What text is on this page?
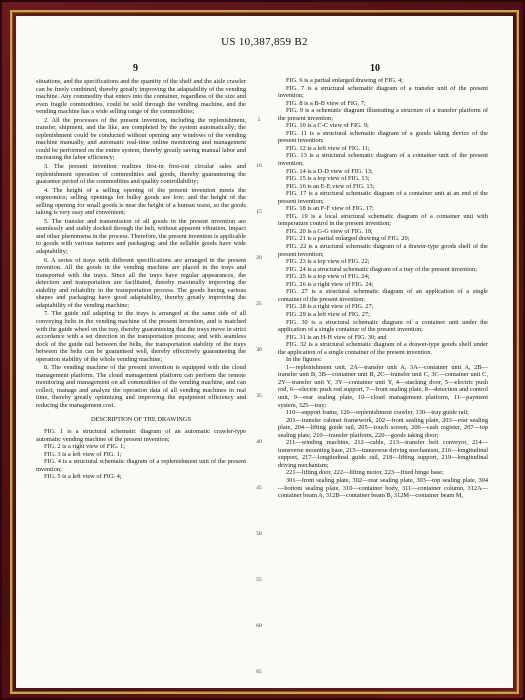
US 10,387,859 B2
9	10

situations, and the specifications and the quantity of the shelf and the aisle crawler can be freely combined, thereby greatly improving the adaptability of the vending machine. Any commodity that enters into the container, regardless of the size and even fragile commodities, could be sold through the vending machine, and the vending machine has a wide selling range of the commodities;

2. All the processes of the present invention, including the replenishment, transfer, shipment, and the like, are completed by the system automatically; the replenishment could be conducted without opening any windows of the vending machine manually, and automatic real-time online monitoring and management could be performed on the entire system, thereby greatly saving manual labor and increasing the labor efficiency;

3. The present invention realizes first-in first-out circular sales and replenishment operation of commodities and goods, thereby guaranteeing the guarantee period of the commodities and quality controllability;

4. The height of a selling opening of the present invention meets the ergonomics; selling openings for bulky goods are low; and the height of the selling opening for small goods is near the height of a human waist, so the goods taking is very easy and convenient;

5. The transfer and transmission of all goods in the present invention are seamlessly and stably docked through the belt, without apparent vibration, impact and other phenomena in the process. Therefore, the present invention is applicable to goods with various natures and packaging; and the sellable goods have wide adaptability;

6. A series of trays with different specifications are arranged in the present invention. All the goods in the vending machine are placed in the trays and transported with the trays. Since all the trays have regular appearances, the detection and transportation are facilitated, thereby maximally improving the stability and reliability in the transportation process. The goods having various shapes and packaging have good adaptability, thereby greatly improving the adaptability of the vending machine;

7. The guide rail adapting to the trays is arranged at the same side of all conveying belts in the vending machine of the present invention, and is matched with the guide wheel on the tray, thereby guaranteeing that the trays move in strict accordance with a set direction in the transportation process; and with seamless dock of the guide rail between the belts, the transportation stability of the trays between the belts can be guaranteed well, thereby effectively guaranteeing the operation stability of the whole vending machine;

8. The vending machine of the present invention is equipped with the cloud management platform. The cloud management platform can perform the remote monitoring and management on all commodities of the vending machine, and can collect, manage and analyze the operation data of all vending machines in real time, thereby greatly optimizing and improving the equipment efficiency and reducing the management cost.

DESCRIPTION OF THE DRAWINGS

FIG. 1 is a structural schematic diagram of an automatic crawler-type automatic vending machine of the present invention;

FIG. 2 is a right view of FIG. 1;

FIG. 3 is a left view of FIG. 1;

FIG. 4 is a structural schematic diagram of a replenishment unit of the present invention;

FIG. 5 is a left view of FIG. 4;

5
10
15
20
25
30
35
40
45
50
55
60
65

FIG. 6 is a partial enlarged drawing of FIG. 4;

FIG. 7 is a structural schematic diagram of a transfer unit of the present invention;

FIG. 8 is a B-B view of FIG. 7;

FIG. 9 is a schematic diagram illustrating a structure of a transfer platform of the present invention;

FIG. 10 is a C-C view of FIG. 9;

FIG. 11 is a structural schematic diagram of a goods taking device of the present invention;

FIG. 12 is a left view of FIG. 11;

FIG. 13 is a structural schematic diagram of a container unit of the present invention;

FIG. 14 is a D-D view of FIG. 13;

FIG. 15 is a top view of FIG. 13;

FIG. 16 is an E-E view of FIG. 13;

FIG. 17 is a structural schematic diagram of a container unit at an end of the present invention;

FIG. 18 is an F-F view of FIG. 17;

FIG. 19 is a local structural schematic diagram of a container unit with temperature control in the present invention;

FIG. 20 is a G-G view of FIG. 19;

FIG. 21 is a partial enlarged drawing of FIG. 20;

FIG. 22 is a structural schematic diagram of a drawer-type goods shelf of the present invention;

FIG. 23 is a top view of FIG. 22;

FIG. 24 is a structural schematic diagram of a tray of the present invention;

FIG. 25 is a top view of FIG. 24;

FIG. 26 is a right view of FIG. 24;

FIG. 27 is a structural schematic diagram of an application of a single container of the present invention;

FIG. 28 is a right view of FIG. 27;

FIG. 29 is a left view of FIG. 27;

FIG. 30 is a structural schematic diagram of a container unit under the application of a single container of the present invention;

FIG. 31 is an H-H view of FIG. 30; and

FIG. 32 is a structural schematic diagram of a drawer-type goods shelf under the application of a single container of the present invention.

In the figures:

1—replenishment unit, 2A—transfer unit A, 3A—container unit A, 2B—transfer unit B, 3B—container unit B, 2C—transfer unit C, 3C—container unit C, 2Y—transfer unit Y, 3Y—container unit Y, 4—stacking door, 5—electric push rod, 6—electric push rod support, 7—front sealing plate, 8—detection and control unit, 9—rear sealing plate, 10—cloud management platform, 11—payment system, 325—tray;

110—support frame, 120—replenishment crawler, 130—tray guide rail;

201—transfer cabinet framework, 202—front sealing plate, 203—rear sealing plate, 204—lifting guide rail, 205—touch screen, 206—cash register, 207—top sealing plate, 210—transfer platform, 220—goods taking door;

211—winding machine, 212—cable, 213—transfer belt conveyor, 214—transverse mounting base, 215—transverse driving mechanism, 216—longitudinal support, 217—longitudinal guide rail, 218—lifting support, 219—longitudinal driving mechanism;

221—lifting door, 222—lifting motor, 223—fixed hinge base;

301—front sealing plate, 302—rear sealing plate, 303—top sealing plate, 304—bottom sealing plate, 310—container body, 311—container column, 312A—container beam A, 312B—container beam B, 312M—container beam M,
